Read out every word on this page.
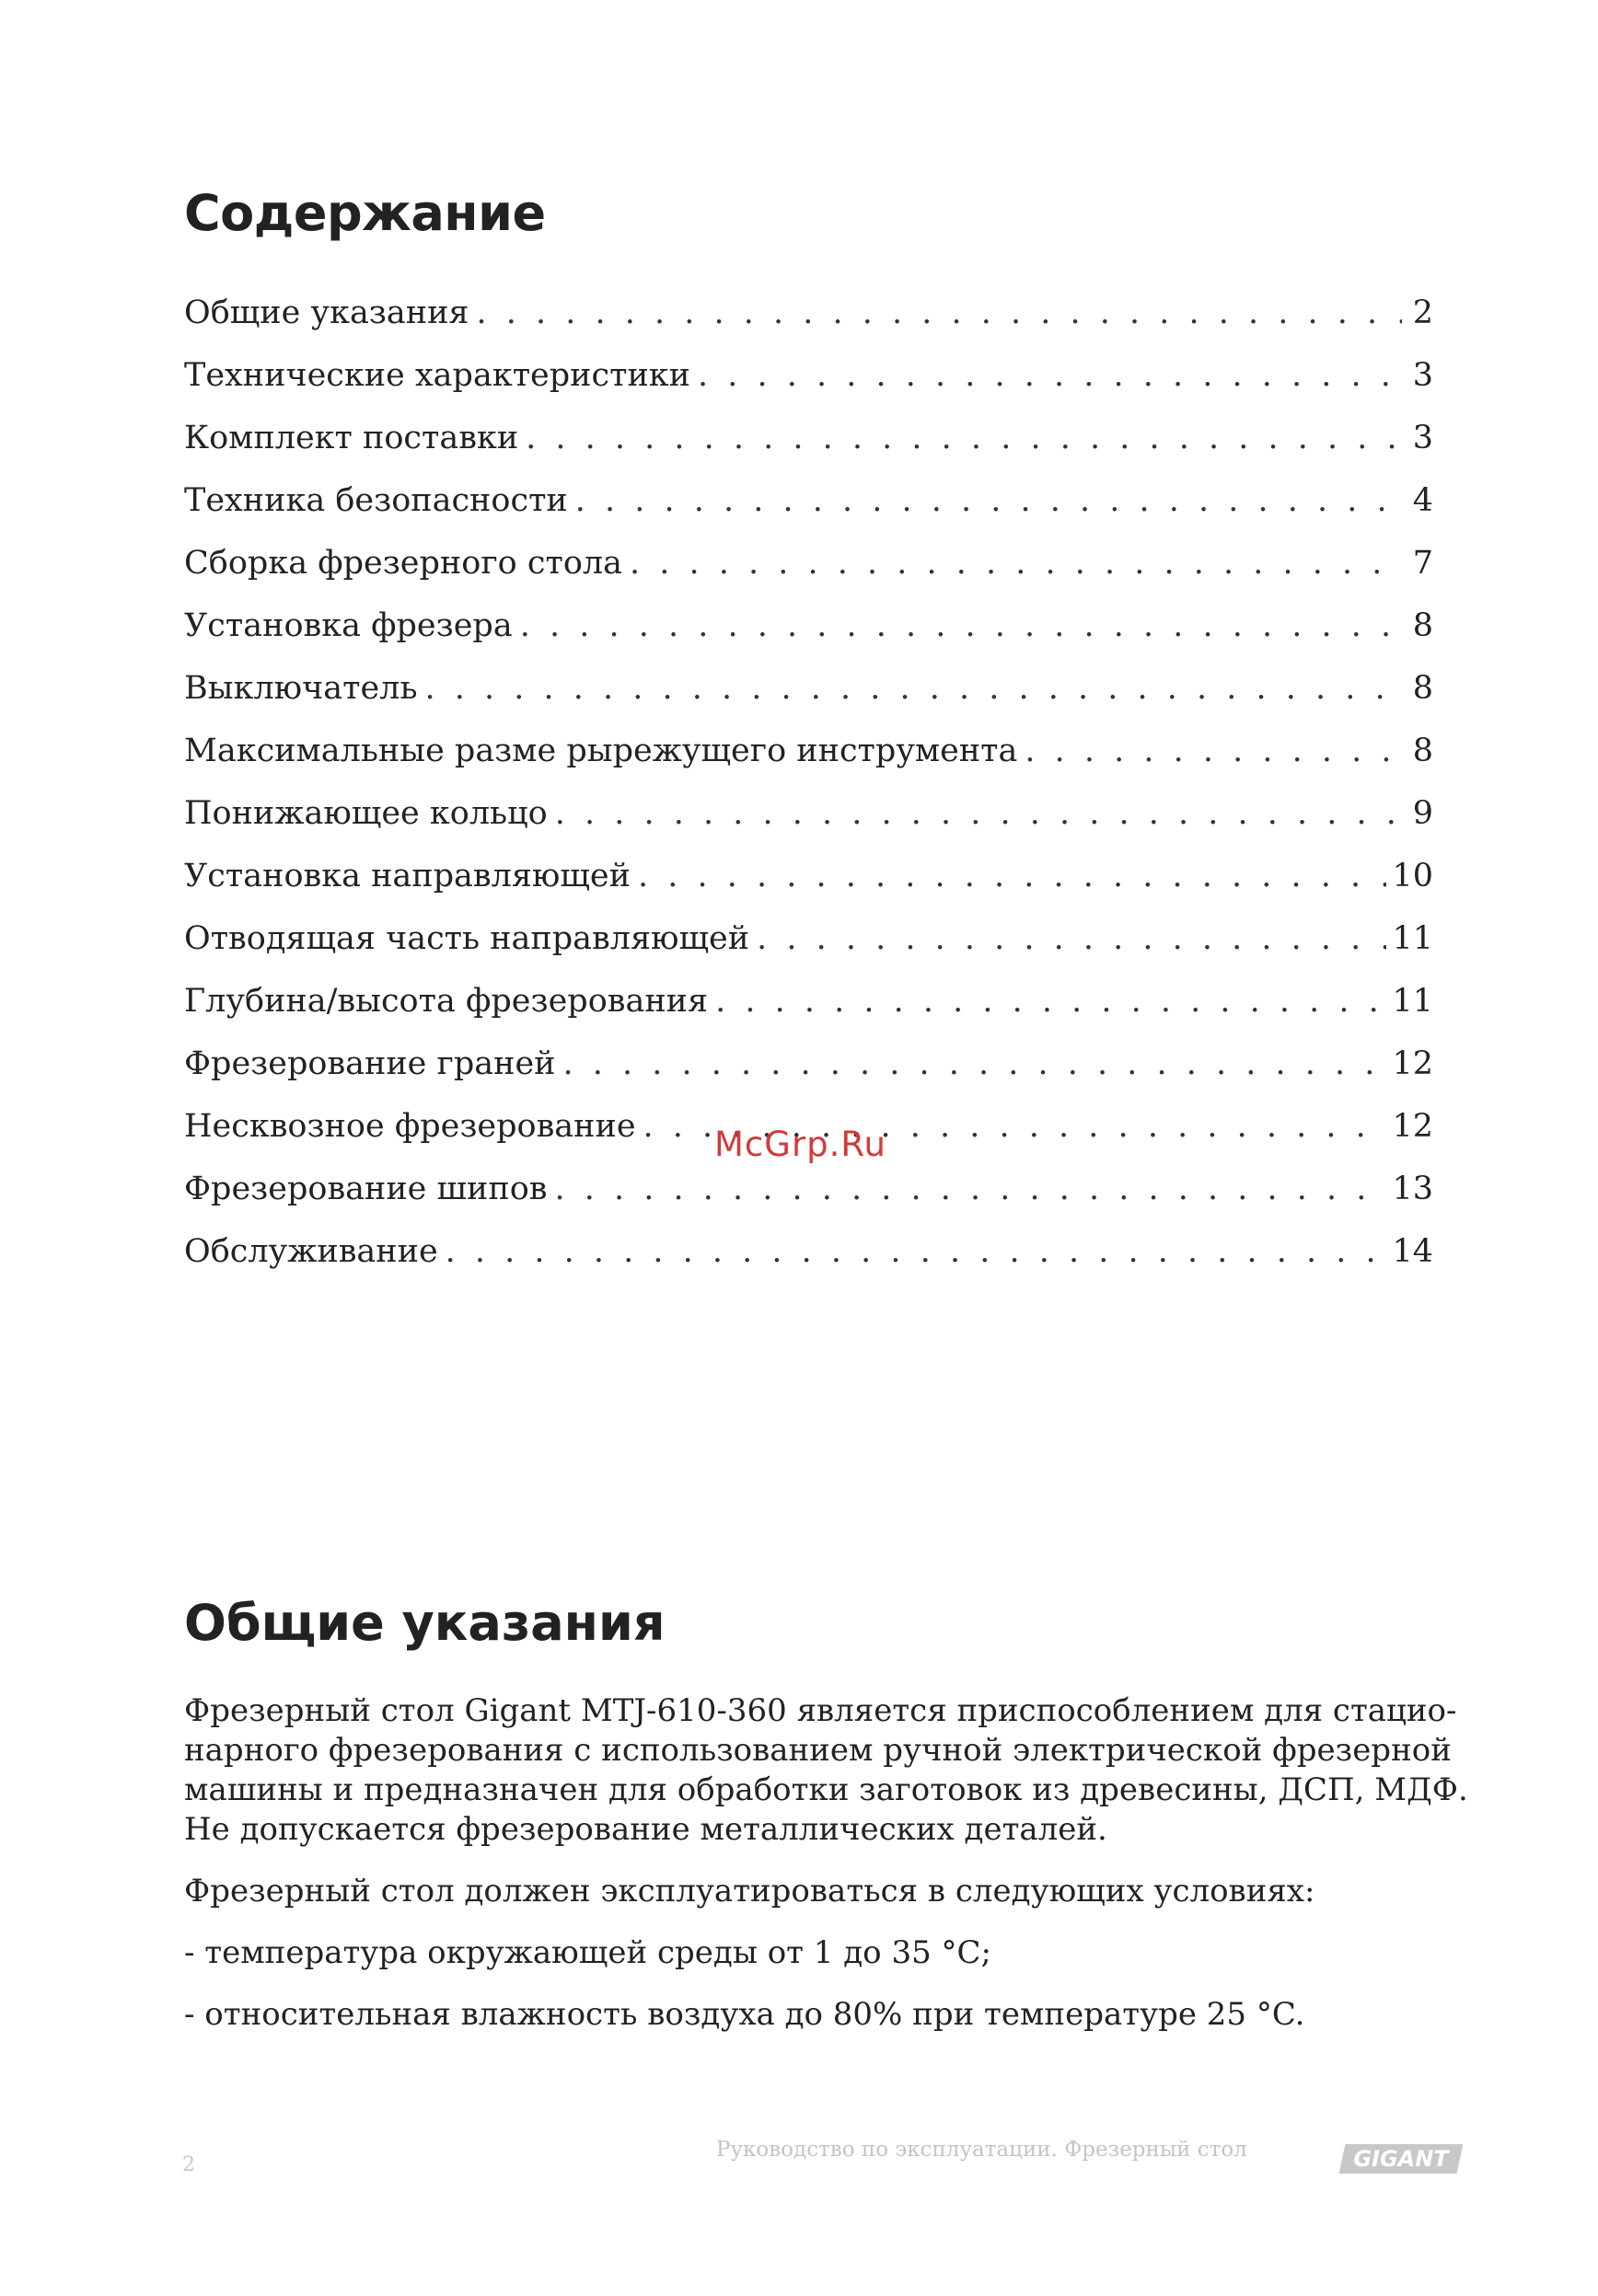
Содержание
Общие указания . . .	2
Технические характеристики . . .	3
Комплект поставки . . .	3
Техника безопасности . . .	4
Сборка фрезерного стола . . .	7
Установка фрезера . . .	8
Выключатель . . .	8
Максимальные разме рырежущего инструмента . . .	8
Понижающее кольцо . . .	9
Установка направляющей . . .	10
Отводящая часть направляющей . . .	11
Глубина/высота фрезерования . . .	11
Фрезерование граней . . .	12
Несквозное фрезерование . . .	12
Фрезерование шипов . . .	13
Обслуживание . . .	14
McGrp.Ru
Общие указания

Фрезерный стол Gigant MTJ-610-360 является приспособлением для стацио-нарного фрезерования с использованием ручной электрической фрезерной машины и предназначен для обработки заготовок из древесины, ДСП, МДФ. Не допускается фрезерование металлических деталей.

Фрезерный стол должен эксплуатироваться в следующих условиях:

- температура окружающей среды от 1 до 35 °C;

- относительная влажность воздуха до 80% при температуре 25 °C.

2
Руководство по эксплуатации. Фрезерный стол	GIGANT
